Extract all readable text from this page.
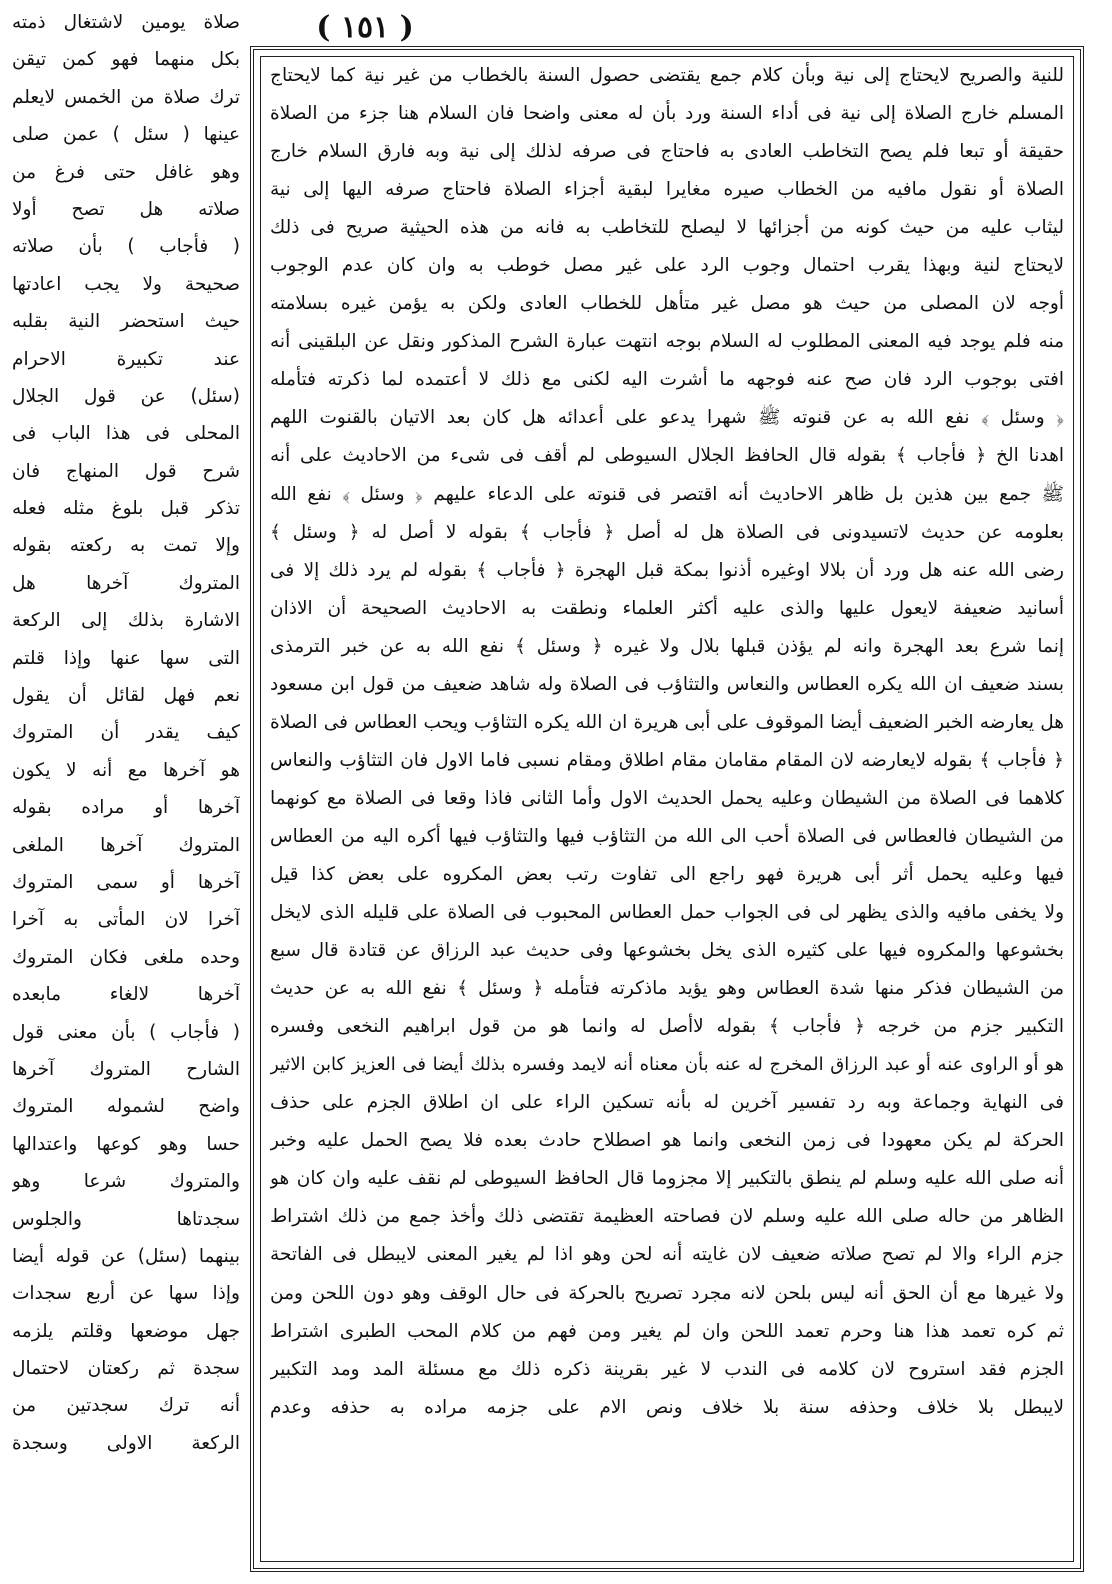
( ١٥١ )
صلاة يومين لاشتغال ذمته
بكل منهما فهو كمن تيقن
ترك صلاة من الخمس لايعلم
عينها ( سئل ) عمن صلى
وهو غافل حتى فرغ من
صلاته هل تصح أولا
( فأجاب ) بأن صلاته
صحيحة ولا يجب اعادتها
حيث استحضر النية بقلبه
عند تكبيرة الاحرام
(سئل) عن قول الجلال
المحلى فى هذا الباب فى
شرح قول المنهاج فان
تذكر قبل بلوغ مثله فعله
وإلا تمت به ركعته بقوله
المتروك آخرها هل
الاشارة بذلك إلى الركعة
التى سها عنها وإذا قلتم
نعم فهل لقائل أن يقول
كيف يقدر أن المتروك
هو آخرها مع أنه لا يكون
آخرها أو مراده بقوله
المتروك آخرها الملغى
آخرها أو سمى المتروك
آخرا لان المأتى به آخرا
وحده ملغى فكان المتروك
آخرها لالغاء مابعده
( فأجاب ) بأن معنى قول
الشارح المتروك آخرها
واضح لشموله المتروك
حسا وهو كوعها واعتدالها
والمتروك شرعا وهو
سجدتاها والجلوس
بينهما (سئل) عن قوله أيضا
وإذا سها عن أربع سجدات
جهل موضعها وقلتم يلزمه
سجدة ثم ركعتان لاحتمال
أنه ترك سجدتين من
الركعة الاولى وسجدة
للنية والصريح لايحتاج إلى نية وبأن كلام جمع يقتضى حصول السنة بالخطاب من غير نية كما لايحتاج
المسلم خارج الصلاة إلى نية فى أداء السنة ورد بأن له معنى واضحا فان السلام هنا جزء من الصلاة
حقيقة أو تبعا فلم يصح التخاطب العادى به فاحتاج فى صرفه لذلك إلى نية وبه فارق السلام خارج
الصلاة أو نقول مافيه من الخطاب صيره مغايرا لبقية أجزاء الصلاة فاحتاج صرفه اليها إلى نية
ليثاب عليه من حيث كونه من أجزائها لا ليصلح للتخاطب به فانه من هذه الحيثية صريح فى ذلك
لايحتاج لنية وبهذا يقرب احتمال وجوب الرد على غير مصل خوطب به وان كان عدم الوجوب
أوجه لان المصلى من حيث هو مصل غير متأهل للخطاب العادى ولكن به يؤمن غيره بسلامته
منه فلم يوجد فيه المعنى المطلوب له السلام بوجه انتهت عبارة الشرح المذكور ونقل عن البلقينى أنه
افتى بوجوب الرد فان صح عنه فوجهه ما أشرت اليه لكنى مع ذلك لا أعتمده لما ذكرته فتأمله
﴿ وسئل ﴾ نفع الله به عن قنوته ﷺ شهرا يدعو على أعدائه هل كان بعد الاتيان بالقنوت اللهم
اهدنا الخ ﴿ فأجاب ﴾ بقوله قال الحافظ الجلال السيوطى لم أقف فى شىء من الاحاديث على أنه
ﷺ جمع بين هذين بل ظاهر الاحاديث أنه اقتصر فى قنوته على الدعاء عليهم ﴿ وسئل ﴾ نفع الله
بعلومه عن حديث لاتسيدونى فى الصلاة هل له أصل ﴿ فأجاب ﴾ بقوله لا أصل له ﴿ وسئل ﴾
رضى الله عنه هل ورد أن بلالا اوغيره أذنوا بمكة قبل الهجرة ﴿ فأجاب ﴾ بقوله لم يرد ذلك إلا فى
أسانيد ضعيفة لايعول عليها والذى عليه أكثر العلماء ونطقت به الاحاديث الصحيحة أن الاذان
إنما شرع بعد الهجرة وانه لم يؤذن قبلها بلال ولا غيره ﴿ وسئل ﴾ نفع الله به عن خبر الترمذى
بسند ضعيف ان الله يكره العطاس والنعاس والتثاؤب فى الصلاة وله شاهد ضعيف من قول ابن مسعود
هل يعارضه الخبر الضعيف أيضا الموقوف على أبى هريرة ان الله يكره التثاؤب ويحب العطاس فى الصلاة
﴿ فأجاب ﴾ بقوله لايعارضه لان المقام مقامان مقام اطلاق ومقام نسبى فاما الاول فان التثاؤب والنعاس
كلاهما فى الصلاة من الشيطان وعليه يحمل الحديث الاول وأما الثانى فاذا وقعا فى الصلاة مع كونهما
من الشيطان فالعطاس فى الصلاة أحب الى الله من التثاؤب فيها والتثاؤب فيها أكره اليه من العطاس
فيها وعليه يحمل أثر أبى هريرة فهو راجع الى تفاوت رتب بعض المكروه على بعض كذا قيل
ولا يخفى مافيه والذى يظهر لى فى الجواب حمل العطاس المحبوب فى الصلاة على قليله الذى لايخل
بخشوعها والمكروه فيها على كثيره الذى يخل بخشوعها وفى حديث عبد الرزاق عن قتادة قال سبع
من الشيطان فذكر منها شدة العطاس وهو يؤيد ماذكرته فتأمله ﴿ وسئل ﴾ نفع الله به عن حديث
التكبير جزم من خرجه ﴿ فأجاب ﴾ بقوله لاأصل له وانما هو من قول ابراهيم النخعى وفسره
هو أو الراوى عنه أو عبد الرزاق المخرج له عنه بأن معناه أنه لايمد وفسره بذلك أيضا فى العزيز كابن الاثير
فى النهاية وجماعة وبه رد تفسير آخرين له بأنه تسكين الراء على ان اطلاق الجزم على حذف
الحركة لم يكن معهودا فى زمن النخعى وانما هو اصطلاح حادث بعده فلا يصح الحمل عليه وخبر
أنه صلى الله عليه وسلم لم ينطق بالتكبير إلا مجزوما قال الحافظ السيوطى لم نقف عليه وان كان هو
الظاهر من حاله صلى الله عليه وسلم لان فصاحته العظيمة تقتضى ذلك وأخذ جمع من ذلك اشتراط
جزم الراء والا لم تصح صلاته ضعيف لان غايته أنه لحن وهو اذا لم يغير المعنى لايبطل فى الفاتحة
ولا غيرها مع أن الحق أنه ليس بلحن لانه مجرد تصريح بالحركة فى حال الوقف وهو دون اللحن ومن
ثم كره تعمد هذا هنا وحرم تعمد اللحن وان لم يغير ومن فهم من كلام المحب الطبرى اشتراط
الجزم فقد استروح لان كلامه فى الندب لا غير بقرينة ذكره ذلك مع مسئلة المد ومد التكبير
لايبطل بلا خلاف وحذفه سنة بلا خلاف ونص الام على جزمه مراده به حذفه وعدم
